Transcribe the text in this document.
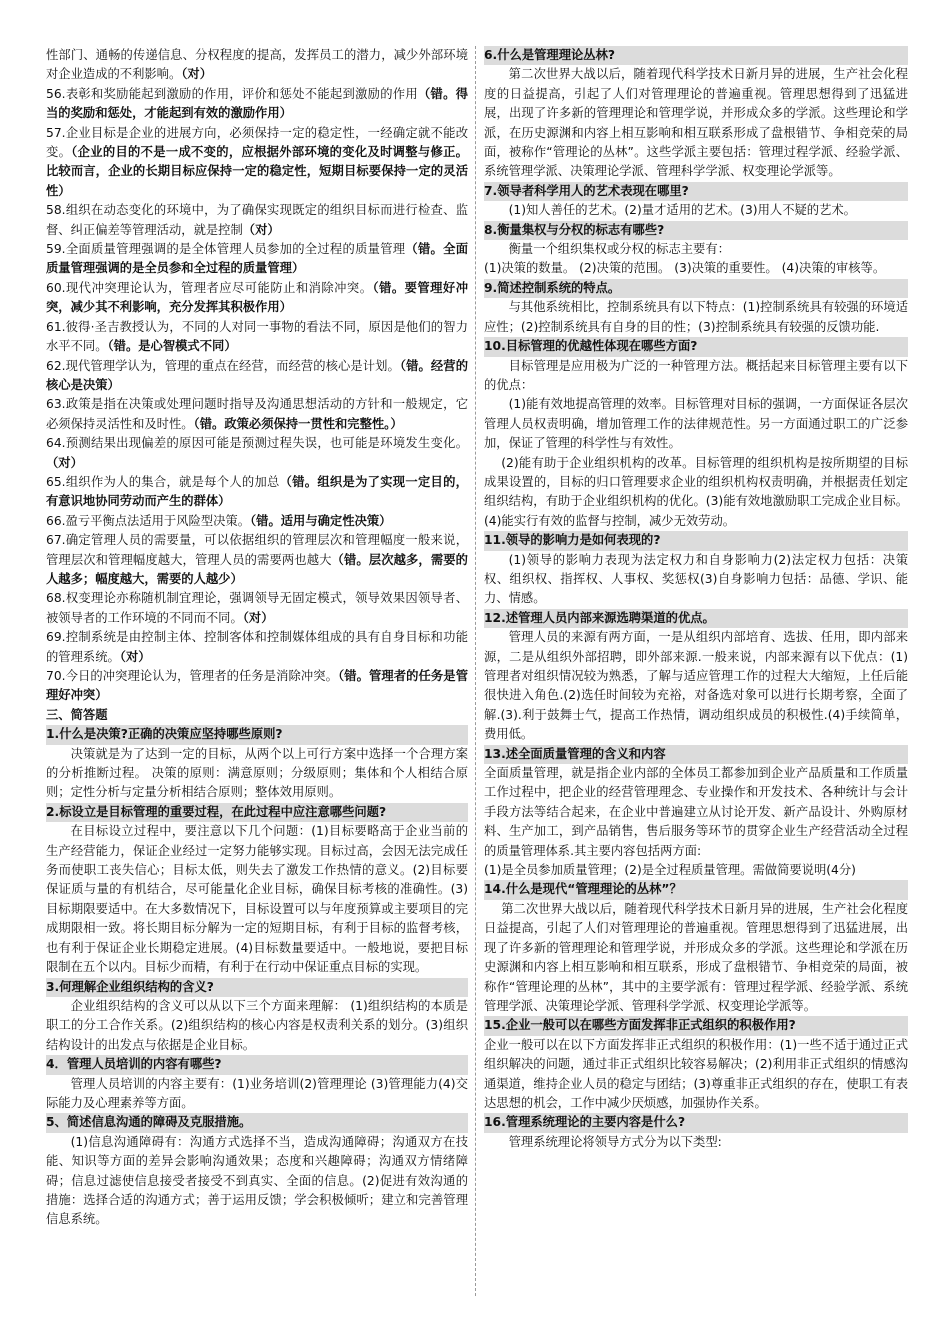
性部门、通畅的传递信息、分权程度的提高，发挥员工的潜力，减少外部环境对企业造成的不利影响。（对）

56.表彰和奖励能起到激励的作用，评价和惩处不能起到激励的作用（错。得当的奖励和惩处，才能起到有效的激励作用）

57.企业目标是企业的进展方向，必须保持一定的稳定性，一经确定就不能改变。（企业的目的不是一成不变的，应根据外部环境的变化及时调整与修正。比较而言，企业的长期目标应保持一定的稳定性，短期目标要保持一定的灵活性）

58.组织在动态变化的环境中，为了确保实现既定的组织目标而进行检查、监督、纠正偏差等管理活动，就是控制（对）

59.全面质量管理强调的是全体管理人员参加的全过程的质量管理（错。全面质量管理强调的是全员参和全过程的质量管理）

60.现代冲突理论认为，管理者应尽可能防止和消除冲突。（错。要管理好冲突，减少其不利影响，充分发挥其积极作用）

61.彼得·圣吉教授认为，不同的人对同一事物的看法不同，原因是他们的智力水平不同。（错。是心智模式不同）

62.现代管理学认为，管理的重点在经营，而经营的核心是计划。（错。经营的核心是决策）

63.政策是指在决策或处理问题时指导及沟通思想活动的方针和一般规定，它必须保持灵活性和及时性。（错。政策必须保持一贯性和完整性。）

64.预测结果出现偏差的原因可能是预测过程失误，也可能是环境发生变化。（对）

65.组织作为人的集合，就是每个人的加总（错。组织是为了实现一定目的，有意识地协同劳动而产生的群体）

66.盈亏平衡点法适用于风险型决策。（错。适用与确定性决策）

67.确定管理人员的需要量，可以依据组织的管理层次和管理幅度一般来说，管理层次和管理幅度越大，管理人员的需要两也越大（错。层次越多，需要的人越多；幅度越大，需要的人越少）

68.权变理论亦称随机制宜理论，强调领导无固定模式，领导效果因领导者、被领导者的工作环境的不同而不同。（对）

69.控制系统是由控制主体、控制客体和控制媒体组成的具有自身目标和功能的管理系统。（对）

70.今日的冲突理论认为，管理者的任务是消除冲突。（错。管理者的任务是管理好冲突）

三、简答题

1.什么是决策?正确的决策应坚持哪些原则?

决策就是为了达到一定的目标，从两个以上可行方案中选择一个合理方案的分析推断过程。 决策的原则：满意原则；分级原则；集体和个人相结合原则；定性分析与定量分析相结合原则；整体效用原则。

2.标设立是目标管理的重要过程，在此过程中应注意哪些问题?

在目标设立过程中，要注意以下几个问题：(1)目标要略高于企业当前的生产经营能力，保证企业经过一定努力能够实现。目标过高，会因无法完成任务而使职工丧失信心；目标太低，则失去了激发工作热情的意义。(2)目标要保证质与量的有机结合，尽可能量化企业目标，确保目标考核的准确性。(3)目标期限要适中。在大多数情况下，目标设置可以与年度预算或主要项目的完成期限相一致。将长期目标分解为一定的短期目标，有利于目标的监督考核，也有利于保证企业长期稳定进展。(4)目标数量要适中。一般地说，要把目标限制在五个以内。目标少而精，有利于在行动中保证重点目标的实现。

3.何理解企业组织结构的含义?

企业组织结构的含义可以从以下三个方面来理解： (1)组织结构的本质是职工的分工合作关系。(2)组织结构的核心内容是权责利关系的划分。(3)组织结构设计的出发点与依据是企业目标。

4．管理人员培训的内容有哪些?

管理人员培训的内容主要有：(1)业务培训(2)管理理论 (3)管理能力(4)交际能力及心理素养等方面。

5、简述信息沟通的障碍及克服措施。

(1)信息沟通障碍有：沟通方式选择不当，造成沟通障碍；沟通双方在技能、知识等方面的差异会影响沟通效果；态度和兴趣障碍；沟通双方情绪障碍；信息过滤使信息接受者接受不到真实、全面的信息。(2)促进有效沟通的措施：选择合适的沟通方式；善于运用反馈；学会积极倾听；建立和完善管理信息系统。

6.什么是管理理论丛林?

第二次世界大战以后，随着现代科学技术日新月异的进展，生产社会化程度的日益提高，引起了人们对管理理论的普遍重视。管理思想得到了迅猛进展，出现了许多新的管理理论和管理学说，并形成众多的学派。这些理论和学派，在历史源渊和内容上相互影响和相互联系形成了盘根错节、争相竞荣的局面，被称作“管理论的丛林”。这些学派主要包括：管理过程学派、经验学派、系统管理学派、决策理论学派、管理科学学派、权变理论学派等。

7.领导者科学用人的艺术表现在哪里?

(1)知人善任的艺术。(2)量才适用的艺术。(3)用人不疑的艺术。

8.衡量集权与分权的标志有哪些?

衡量一个组织集权或分权的标志主要有：

(1)决策的数量。 (2)决策的范围。 (3)决策的重要性。 (4)决策的审核等。

9.简述控制系统的特点。

与其他系统相比，控制系统具有以下特点：(1)控制系统具有较强的环境适应性；(2)控制系统具有自身的目的性；(3)控制系统具有较强的反馈功能.

10.目标管理的优越性体现在哪些方面?

目标管理是应用极为广泛的一种管理方法。概括起来目标管理主要有以下的优点：

(1)能有效地提高管理的效率。目标管理对目标的强调，一方面保证各层次管理人员权责明确，增加管理工作的法律规范性。另一方面通过职工的广泛参加，保证了管理的科学性与有效性。

(2)能有助于企业组织机构的改革。目标管理的组织机构是按所期望的目标成果设置的，目标的归口管理要求企业的组织机构权责明确，并根据责任划定组织结构，有助于企业组织机构的优化。(3)能有效地激励职工完成企业目标。(4)能实行有效的监督与控制，减少无效劳动。

11.领导的影响力是如何表现的?

(1)领导的影响力表现为法定权力和自身影响力(2)法定权力包括：决策权、组织权、指挥权、人事权、奖惩权(3)自身影响力包括：品德、学识、能力、情感。

12.述管理人员内部来源选聘渠道的优点。

管理人员的来源有两方面，一是从组织内部培育、选拔、任用，即内部来源，二是从组织外部招聘，即外部来源.一般来说，内部来源有以下优点：(1)管理者对组织情况较为熟悉，了解与适应管理工作的过程大大缩短，上任后能很快进入角色.(2)选任时间较为充裕，对备选对象可以进行长期考察，全面了解.(3).利于鼓舞士气，提高工作热情，调动组织成员的积极性.(4)手续简单，费用低。

13.述全面质量管理的含义和内容

全面质量管理，就是指企业内部的全体员工都参加到企业产品质量和工作质量工作过程中，把企业的经营管理理念、专业操作和开发技术、各种统计与会计手段方法等结合起来，在企业中普遍建立从讨论开发、新产品设计、外购原材料、生产加工，到产品销售，售后服务等环节的贯穿企业生产经营活动全过程的质量管理体系.其主要内容包括两方面:

(1)是全员参加质量管理；(2)是全过程质量管理。需做简要说明(4分)

14.什么是现代“管理理论的丛林”？

第二次世界大战以后，随着现代科学技术日新月异的进展，生产社会化程度日益提高，引起了人们对管理理论的普遍重视。管理思想得到了迅猛进展，出现了许多新的管理理论和管理学说，并形成众多的学派。这些理论和学派在历史源渊和内容上相互影响和相互联系，形成了盘根错节、争相竞荣的局面，被称作“管理论理的丛林”，其中的主要学派有：管理过程学派、经验学派、系统管理学派、决策理论学派、管理科学学派、权变理论学派等。

15.企业一般可以在哪些方面发挥非正式组织的积极作用?

企业一般可以在以下方面发挥非正式组织的积极作用：(1)一些不适于通过正式组织解决的问题，通过非正式组织比较容易解决；(2)利用非正式组织的情感沟通渠道，维持企业人员的稳定与团结；(3)尊重非正式组织的存在，使职工有表达思想的机会，工作中减少厌烦感，加强协作关系。

16.管理系统理论的主要内容是什么?

管理系统理论将领导方式分为以下类型:
